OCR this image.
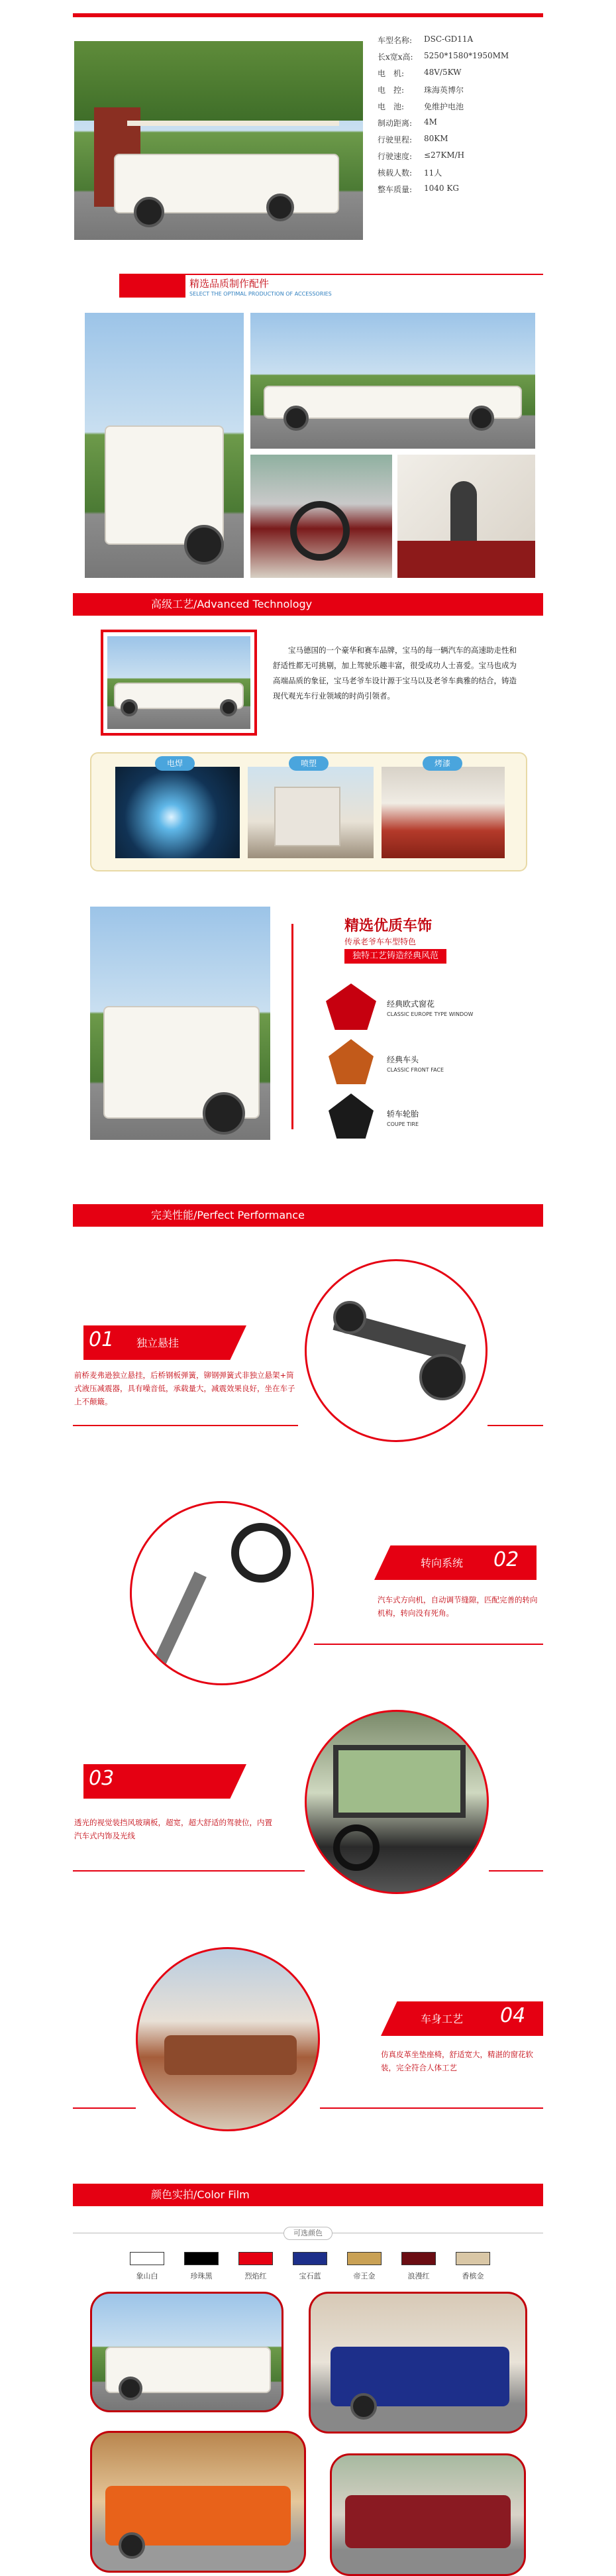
车型名称:	DSC-GD11A
长x宽x高:	5250*1580*1950MM
电　机:	48V/5KW
电　控:	珠海英博尔
电　池:	免维护电池
制动距离:	4M
行驶里程:	80KM
行驶速度:	≤27KM/H
核载人数:	11人
整车质量:	1040 KG
精选品质制作配件
SELECT THE OPTIMAL PRODUCTION OF ACCESSORIES
高级工艺/Advanced Technology
宝马德国的一个豪华和赛车品牌，宝马的每一辆汽车的高速助走性和舒适性都无可挑剔，加上驾驶乐趣丰富，很受成功人士喜爱。宝马也成为高端品质的象征，宝马老爷车设计源于宝马以及老爷车典雅的结合，铸造现代观光车行业领域的时尚引领者。
电焊	喷塑	烤漆
精选优质车饰
传承老爷车车型特色
独特工艺铸造经典风范
经典欧式窗花
CLASSIC EUROPE TYPE WINDOW
经典车头
CLASSIC FRONT FACE
轿车轮胎
COUPE TIRE
完美性能/Perfect Performance
01 独立悬挂
前桥麦弗逊独立悬挂，后桥钢板弹簧，铆钢弹簧式非独立悬架+筒式液压减震器，具有噪音低，承载量大，减震效果良好，坐在车子上不颠簸。
转向系统 02
汽车式方向机，自动调节缝隙，匹配完善的转向机构，转向没有死角。
03
透光的视觉装挡风玻璃板，超宽，超大舒适的驾驶位，内置汽车式内饰及光线
车身工艺 04
仿真皮革坐垫座椅，舒适宽大，精湛的窗花软装，完全符合人体工艺
颜色实拍/Color Film
可选颜色
象山白	珍珠黑	烈焰红	宝石蓝	帝王金	浪漫红	香槟金
